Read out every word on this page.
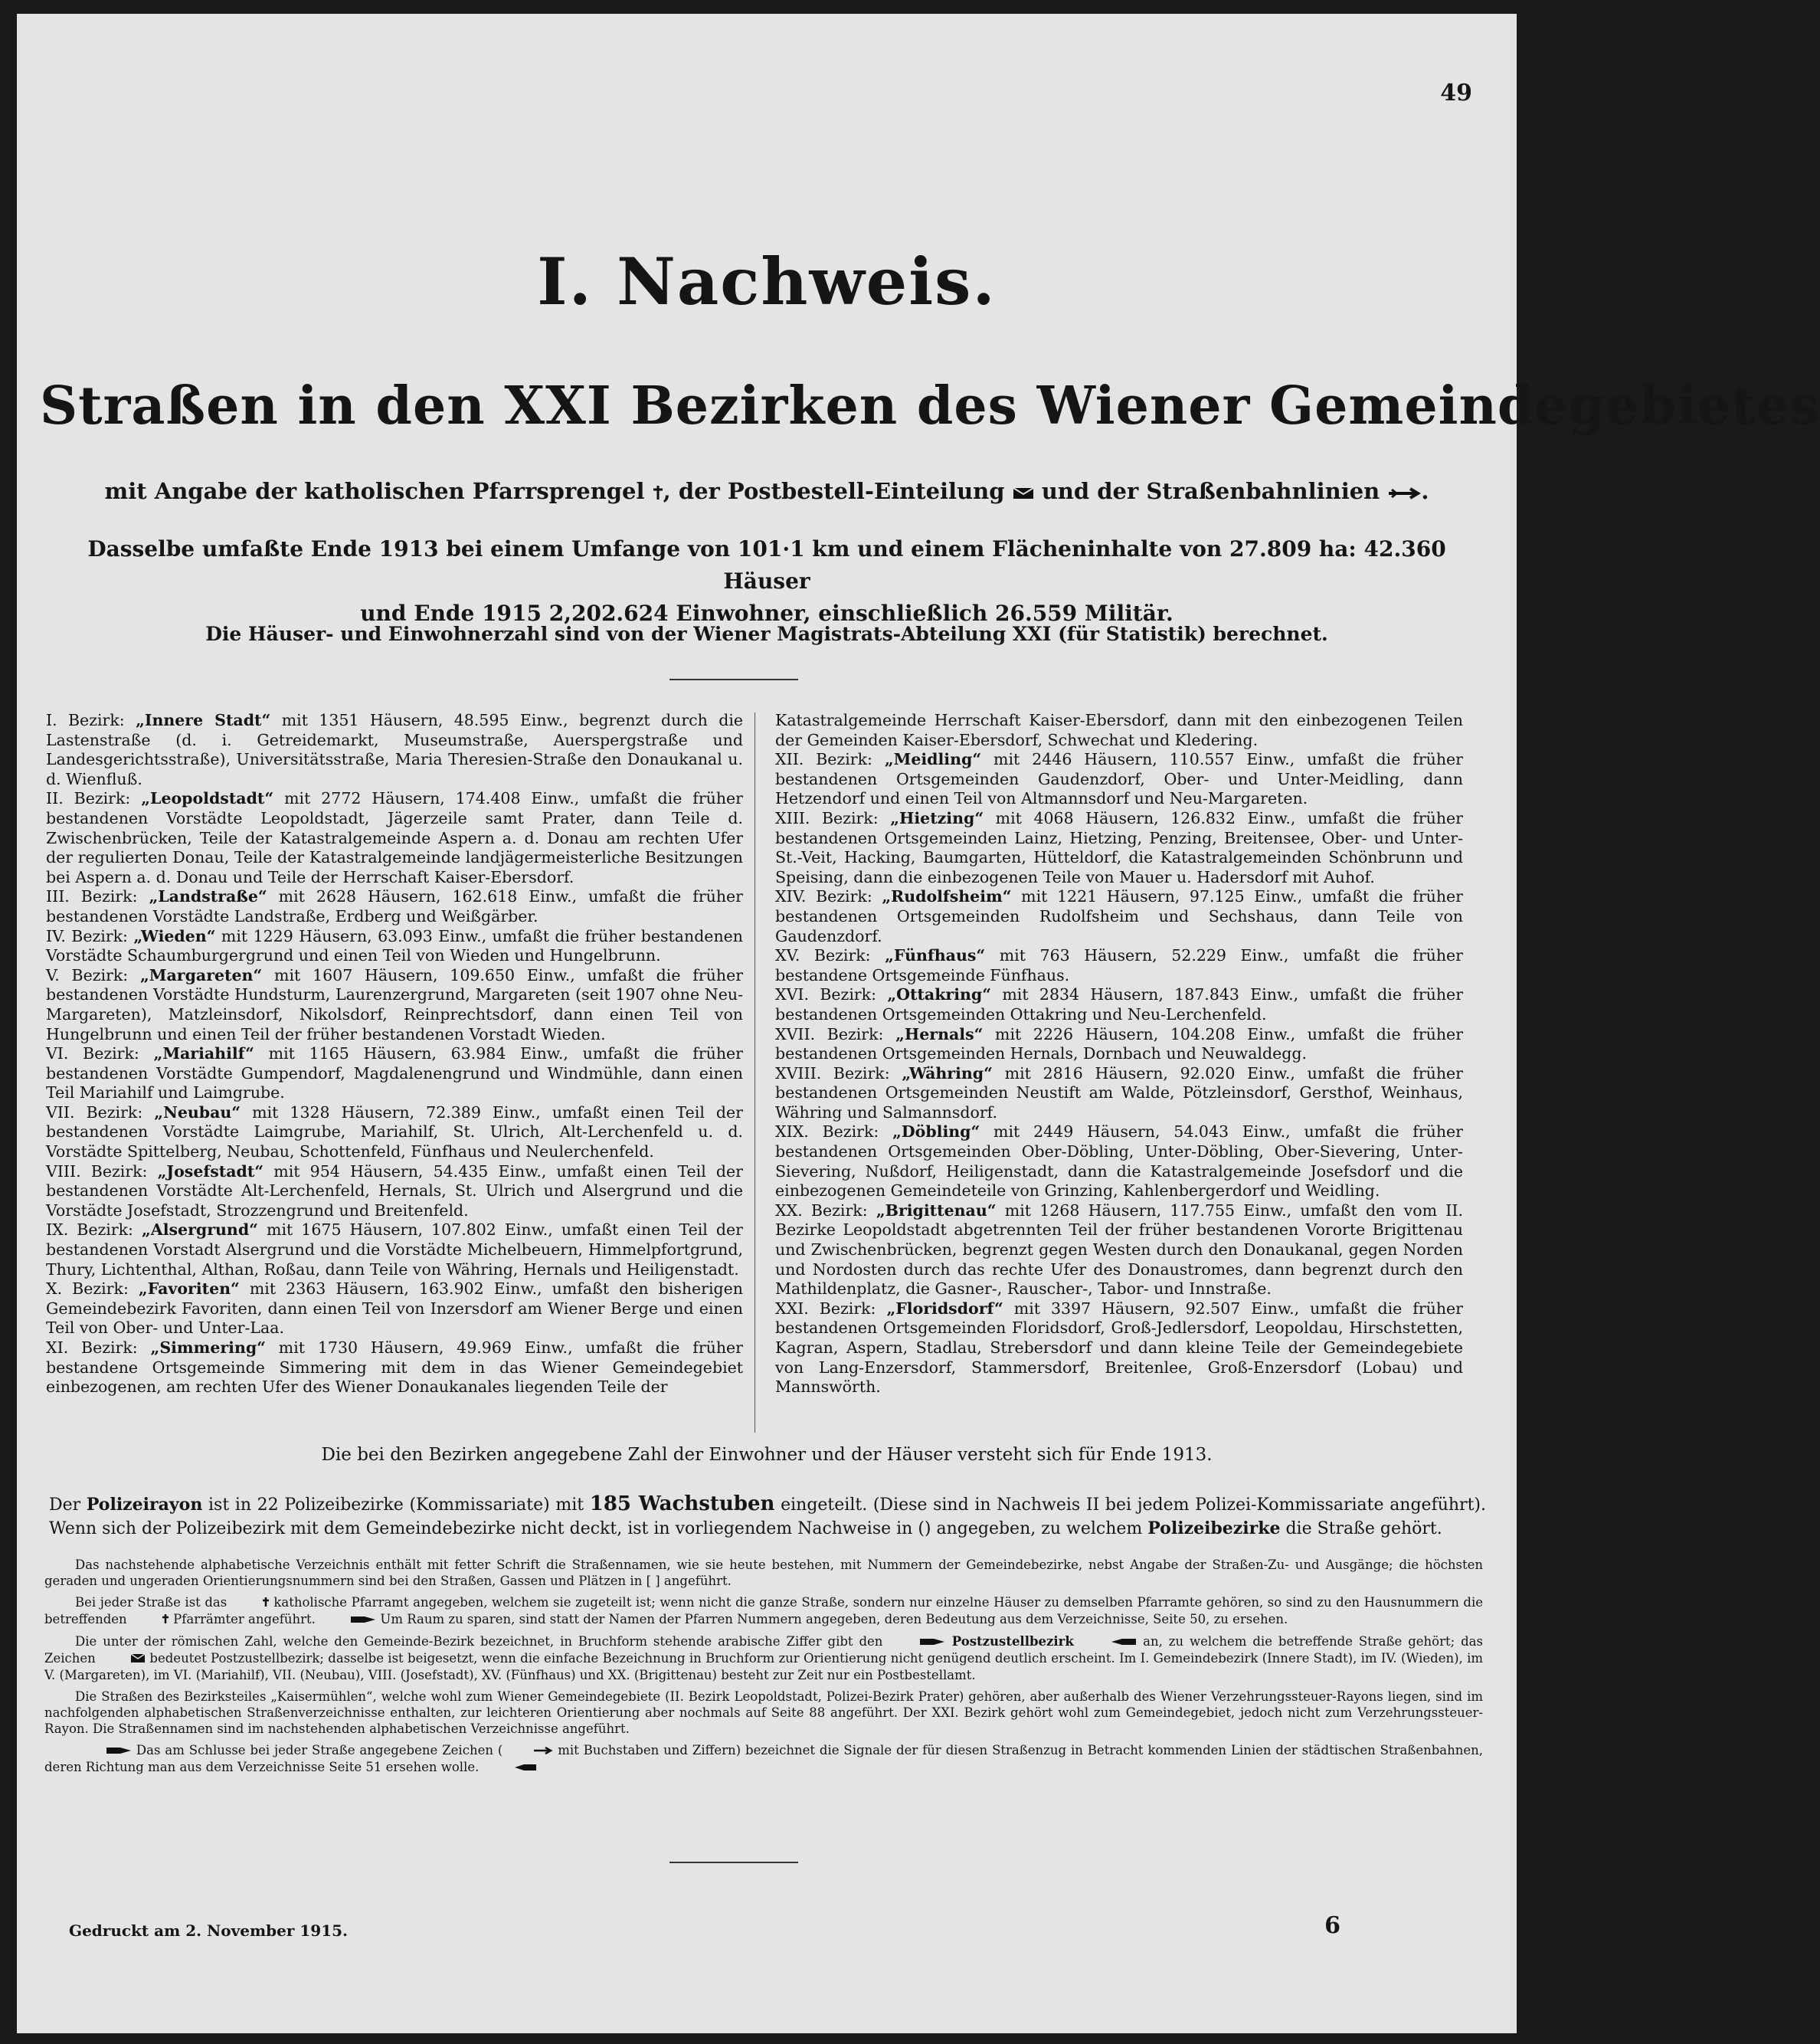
49
I. Nachweis.
Straßen in den XXI Bezirken des Wiener Gemeindegebietes
mit Angabe der katholischen Pfarrsprengel , der Postbestell-Einteilung  und der Straßenbahnlinien .
Dasselbe umfaßte Ende 1913 bei einem Umfange von 101·1 km und einem Flächeninhalte von 27.809 ha: 42.360 Häuser
und Ende 1915 2,202.624 Einwohner, einschließlich 26.559 Militär.
Die Häuser- und Einwohnerzahl sind von der Wiener Magistrats-Abteilung XXI (für Statistik) berechnet.

I. Bezirk: „Innere Stadt“ mit 1351 Häusern, 48.595 Einw., begrenzt durch die Lastenstraße (d. i. Getreidemarkt, Museumstraße, Auerspergstraße und Landesgerichtsstraße), Universitätsstraße, Maria Theresien-Straße den Donaukanal u. d. Wienfluß.

II. Bezirk: „Leopoldstadt“ mit 2772 Häusern, 174.408 Einw., umfaßt die früher bestandenen Vorstädte Leopoldstadt, Jägerzeile samt Prater, dann Teile d. Zwischenbrücken, Teile der Katastralgemeinde Aspern a. d. Donau am rechten Ufer der regulierten Donau, Teile der Katastralgemeinde landjägermeisterliche Besitzungen bei Aspern a. d. Donau und Teile der Herrschaft Kaiser-Ebersdorf.

III. Bezirk: „Landstraße“ mit 2628 Häusern, 162.618 Einw., umfaßt die früher bestandenen Vorstädte Landstraße, Erdberg und Weißgärber.

IV. Bezirk: „Wieden“ mit 1229 Häusern, 63.093 Einw., umfaßt die früher bestandenen Vorstädte Schaumburgergrund und einen Teil von Wieden und Hungelbrunn.

V. Bezirk: „Margareten“ mit 1607 Häusern, 109.650 Einw., umfaßt die früher bestandenen Vorstädte Hundsturm, Laurenzergrund, Margareten (seit 1907 ohne Neu-Margareten), Matzleinsdorf, Nikolsdorf, Reinprechtsdorf, dann einen Teil von Hungelbrunn und einen Teil der früher bestandenen Vorstadt Wieden.

VI. Bezirk: „Mariahilf“ mit 1165 Häusern, 63.984 Einw., umfaßt die früher bestandenen Vorstädte Gumpendorf, Magdalenengrund und Windmühle, dann einen Teil Mariahilf und Laimgrube.

VII. Bezirk: „Neubau“ mit 1328 Häusern, 72.389 Einw., umfaßt einen Teil der bestandenen Vorstädte Laimgrube, Mariahilf, St. Ulrich, Alt-Lerchenfeld u. d. Vorstädte Spittelberg, Neubau, Schottenfeld, Fünfhaus und Neulerchenfeld.

VIII. Bezirk: „Josefstadt“ mit 954 Häusern, 54.435 Einw., umfaßt einen Teil der bestandenen Vorstädte Alt-Lerchenfeld, Hernals, St. Ulrich und Alsergrund und die Vorstädte Josefstadt, Strozzengrund und Breitenfeld.

IX. Bezirk: „Alsergrund“ mit 1675 Häusern, 107.802 Einw., umfaßt einen Teil der bestandenen Vorstadt Alsergrund und die Vorstädte Michelbeuern, Himmelpfortgrund, Thury, Lichtenthal, Althan, Roßau, dann Teile von Währing, Hernals und Heiligenstadt.

X. Bezirk: „Favoriten“ mit 2363 Häusern, 163.902 Einw., umfaßt den bisherigen Gemeindebezirk Favoriten, dann einen Teil von Inzersdorf am Wiener Berge und einen Teil von Ober- und Unter-Laa.

XI. Bezirk: „Simmering“ mit 1730 Häusern, 49.969 Einw., umfaßt die früher bestandene Ortsgemeinde Simmering mit dem in das Wiener Gemeindegebiet einbezogenen, am rechten Ufer des Wiener Donaukanales liegenden Teile der

Katastralgemeinde Herrschaft Kaiser-Ebersdorf, dann mit den einbezogenen Teilen der Gemeinden Kaiser-Ebersdorf, Schwechat und Kledering.

XII. Bezirk: „Meidling“ mit 2446 Häusern, 110.557 Einw., umfaßt die früher bestandenen Ortsgemeinden Gaudenzdorf, Ober- und Unter-Meidling, dann Hetzendorf und einen Teil von Altmannsdorf und Neu-Margareten.

XIII. Bezirk: „Hietzing“ mit 4068 Häusern, 126.832 Einw., umfaßt die früher bestandenen Ortsgemeinden Lainz, Hietzing, Penzing, Breitensee, Ober- und Unter-St.-Veit, Hacking, Baumgarten, Hütteldorf, die Katastralgemeinden Schönbrunn und Speising, dann die einbezogenen Teile von Mauer u. Hadersdorf mit Auhof.

XIV. Bezirk: „Rudolfsheim“ mit 1221 Häusern, 97.125 Einw., umfaßt die früher bestandenen Ortsgemeinden Rudolfsheim und Sechshaus, dann Teile von Gaudenzdorf.

XV. Bezirk: „Fünfhaus“ mit 763 Häusern, 52.229 Einw., umfaßt die früher bestandene Ortsgemeinde Fünfhaus.

XVI. Bezirk: „Ottakring“ mit 2834 Häusern, 187.843 Einw., umfaßt die früher bestandenen Ortsgemeinden Ottakring und Neu-Lerchenfeld.

XVII. Bezirk: „Hernals“ mit 2226 Häusern, 104.208 Einw., umfaßt die früher bestandenen Ortsgemeinden Hernals, Dornbach und Neuwaldegg.

XVIII. Bezirk: „Währing“ mit 2816 Häusern, 92.020 Einw., umfaßt die früher bestandenen Ortsgemeinden Neustift am Walde, Pötzleinsdorf, Gersthof, Weinhaus, Währing und Salmannsdorf.

XIX. Bezirk: „Döbling“ mit 2449 Häusern, 54.043 Einw., umfaßt die früher bestandenen Ortsgemeinden Ober-Döbling, Unter-Döbling, Ober-Sievering, Unter-Sievering, Nußdorf, Heiligenstadt, dann die Katastralgemeinde Josefsdorf und die einbezogenen Gemeindeteile von Grinzing, Kahlenbergerdorf und Weidling.

XX. Bezirk: „Brigittenau“ mit 1268 Häusern, 117.755 Einw., umfaßt den vom II. Bezirke Leopoldstadt abgetrennten Teil der früher bestandenen Vororte Brigittenau und Zwischenbrücken, begrenzt gegen Westen durch den Donaukanal, gegen Norden und Nordosten durch das rechte Ufer des Donaustromes, dann begrenzt durch den Mathildenplatz, die Gasner-, Rauscher-, Tabor- und Innstraße.

XXI. Bezirk: „Floridsdorf“ mit 3397 Häusern, 92.507 Einw., umfaßt die früher bestandenen Ortsgemeinden Floridsdorf, Groß-Jedlersdorf, Leopoldau, Hirschstetten, Kagran, Aspern, Stadlau, Strebersdorf und dann kleine Teile der Gemeindegebiete von Lang-Enzersdorf, Stammersdorf, Breitenlee, Groß-Enzersdorf (Lobau) und Mannswörth.

Die bei den Bezirken angegebene Zahl der Einwohner und der Häuser versteht sich für Ende 1913.
Der Polizeirayon ist in 22 Polizeibezirke (Kommissariate) mit 185 Wachstuben eingeteilt. (Diese sind in Nachweis II bei jedem Polizei-Kommissariate angeführt). Wenn sich der Polizeibezirk mit dem Gemeindebezirke nicht deckt, ist in vorliegendem Nachweise in () angegeben, zu welchem Polizeibezirke die Straße gehört.

Das nachstehende alphabetische Verzeichnis enthält mit fetter Schrift die Straßennamen, wie sie heute bestehen, mit Nummern der Gemeindebezirke, nebst Angabe der Straßen-Zu- und Ausgänge; die höchsten geraden und ungeraden Orientierungsnummern sind bei den Straßen, Gassen und Plätzen in [ ] angeführt.

Bei jeder Straße ist das	katholische Pfarramt angegeben, welchem sie zugeteilt ist; wenn nicht die ganze Straße, sondern nur einzelne Häuser zu demselben Pfarramte gehören, so sind zu den Hausnummern die betreffenden	Pfarrämter angeführt.	Um Raum zu sparen, sind statt der Namen der Pfarren Nummern angegeben, deren Bedeutung aus dem Verzeichnisse, Seite 50, zu ersehen.

Die unter der römischen Zahl, welche den Gemeinde-Bezirk bezeichnet, in Bruchform stehende arabische Ziffer gibt den	Postzustellbezirk	an, zu welchem die betreffende Straße gehört; das Zeichen	bedeutet Postzustellbezirk; dasselbe ist beigesetzt, wenn die einfache Bezeichnung in Bruchform zur Orientierung nicht genügend deutlich erscheint. Im I. Gemeindebezirk (Innere Stadt), im IV. (Wieden), im V. (Margareten), im VI. (Mariahilf), VII. (Neubau), VIII. (Josefstadt), XV. (Fünfhaus) und XX. (Brigittenau) besteht zur Zeit nur ein Postbestellamt.

Die Straßen des Bezirksteiles „Kaisermühlen“, welche wohl zum Wiener Gemeindegebiete (II. Bezirk Leopoldstadt, Polizei-Bezirk Prater) gehören, aber außerhalb des Wiener Verzehrungssteuer-Rayons liegen, sind im nachfolgenden alphabetischen Straßenverzeichnisse enthalten, zur leichteren Orientierung aber nochmals auf Seite 88 angeführt. Der XXI. Bezirk gehört wohl zum Gemeindegebiet, jedoch nicht zum Verzehrungssteuer-Rayon. Die Straßennamen sind im nachstehenden alphabetischen Verzeichnisse angeführt.

Das am Schlusse bei jeder Straße angegebene Zeichen (	mit Buchstaben und Ziffern) bezeichnet die Signale der für diesen Straßenzug in Betracht kommenden Linien der städtischen Straßenbahnen, deren Richtung man aus dem Verzeichnisse Seite 51 ersehen wolle.

Gedruckt am 2. November 1915.	6
